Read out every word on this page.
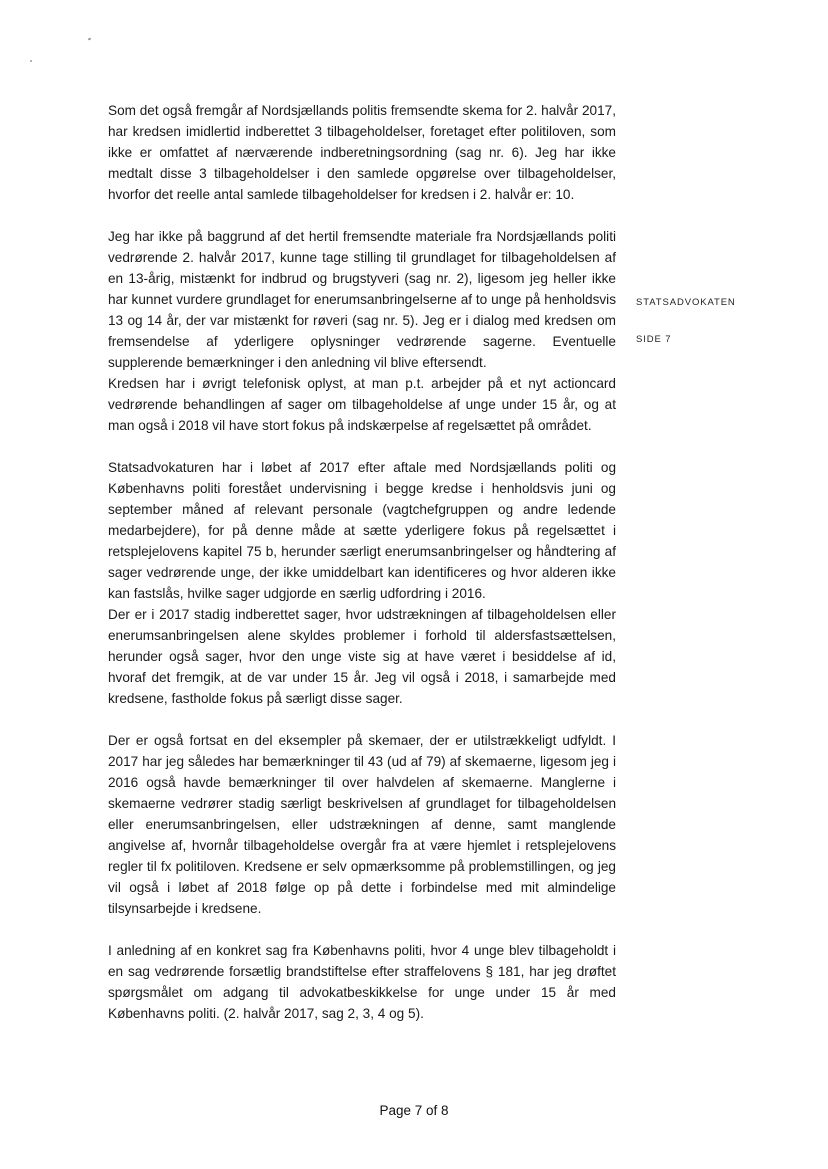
Som det også fremgår af Nordsjællands politis fremsendte skema for 2. halvår 2017, har kredsen imidlertid indberettet 3 tilbageholdelser, foretaget efter politiloven, som ikke er omfattet af nærværende indberetningsordning (sag nr. 6). Jeg har ikke medtalt disse 3 tilbageholdelser i den samlede opgørelse over tilbageholdelser, hvorfor det reelle antal samlede tilbageholdelser for kredsen i 2. halvår er: 10.

Jeg har ikke på baggrund af det hertil fremsendte materiale fra Nordsjællands politi vedrørende 2. halvår 2017, kunne tage stilling til grundlaget for tilbageholdelsen af en 13-årig, mistænkt for indbrud og brugstyveri (sag nr. 2), ligesom jeg heller ikke har kunnet vurdere grundlaget for enerumsanbringelserne af to unge på henholdsvis 13 og 14 år, der var mistænkt for røveri (sag nr. 5). Jeg er i dialog med kredsen om fremsendelse af yderligere oplysninger vedrørende sagerne. Eventuelle supplerende bemærkninger i den anledning vil blive eftersendt.

Kredsen har i øvrigt telefonisk oplyst, at man p.t. arbejder på et nyt actioncard vedrørende behandlingen af sager om tilbageholdelse af unge under 15 år, og at man også i 2018 vil have stort fokus på indskærpelse af regelsættet på området.

Statsadvokaturen har i løbet af 2017 efter aftale med Nordsjællands politi og Københavns politi forestået undervisning i begge kredse i henholdsvis juni og september måned af relevant personale (vagtchefgruppen og andre ledende medarbejdere), for på denne måde at sætte yderligere fokus på regelsættet i retsplejelovens kapitel 75 b, herunder særligt enerumsanbringelser og håndtering af sager vedrørende unge, der ikke umiddelbart kan identificeres og hvor alderen ikke kan fastslås, hvilke sager udgjorde en særlig udfordring i 2016.

Der er i 2017 stadig indberettet sager, hvor udstrækningen af tilbageholdelsen eller enerumsanbringelsen alene skyldes problemer i forhold til aldersfastsættelsen, herunder også sager, hvor den unge viste sig at have været i besiddelse af id, hvoraf det fremgik, at de var under 15 år. Jeg vil også i 2018, i samarbejde med kredsene, fastholde fokus på særligt disse sager.

Der er også fortsat en del eksempler på skemaer, der er utilstrækkeligt udfyldt. I 2017 har jeg således har bemærkninger til 43 (ud af 79) af skemaerne, ligesom jeg i 2016 også havde bemærkninger til over halvdelen af skemaerne. Manglerne i skemaerne vedrører stadig særligt beskrivelsen af grundlaget for tilbageholdelsen eller enerumsanbringelsen, eller udstrækningen af denne, samt manglende angivelse af, hvornår tilbageholdelse overgår fra at være hjemlet i retsplejelovens regler til fx politiloven. Kredsene er selv opmærksomme på problemstillingen, og jeg vil også i løbet af 2018 følge op på dette i forbindelse med mit almindelige tilsynsarbejde i kredsene.

I anledning af en konkret sag fra Københavns politi, hvor 4 unge blev tilbageholdt i en sag vedrørende forsætlig brandstiftelse efter straffelovens § 181, har jeg drøftet spørgsmålet om adgang til advokatbeskikkelse for unge under 15 år med Københavns politi. (2. halvår 2017, sag 2, 3, 4 og 5).

STATSADVOKATEN
SIDE 7
Page 7 of 8
